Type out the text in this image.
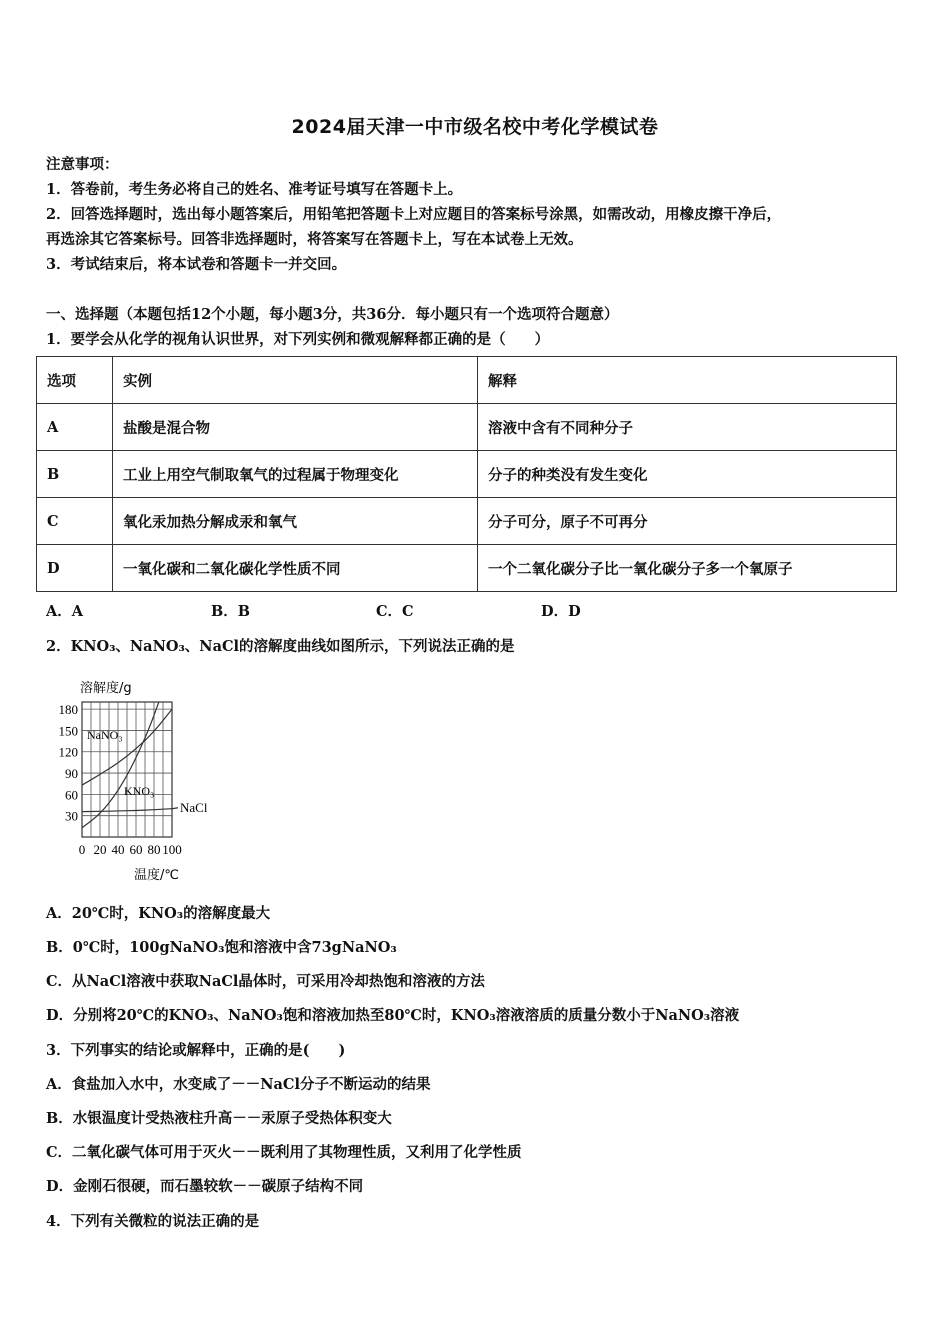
2024届天津一中市级名校中考化学模试卷
注意事项：
1．答卷前，考生务必将自己的姓名、准考证号填写在答题卡上。
2．回答选择题时，选出每小题答案后，用铅笔把答题卡上对应题目的答案标号涂黑，如需改动，用橡皮擦干净后，
再选涂其它答案标号。回答非选择题时，将答案写在答题卡上，写在本试卷上无效。
3．考试结束后，将本试卷和答题卡一并交回。
一、选择题（本题包括12个小题，每小题3分，共36分．每小题只有一个选项符合题意）
1．要学会从化学的视角认识世界，对下列实例和微观解释都正确的是（　　）
选项	实例	解释
A	盐酸是混合物	溶液中含有不同种分子
B	工业上用空气制取氧气的过程属于物理变化	分子的种类没有发生变化
C	氧化汞加热分解成汞和氧气	分子可分，原子不可再分
D	一氧化碳和二氧化碳化学性质不同	一个二氧化碳分子比一氧化碳分子多一个氧原子
A．A	B．B	C．C	D．D
2．KNO₃、NaNO₃、NaCl的溶解度曲线如图所示，下列说法正确的是
30
60
90
120
150
180
0 20 40 60 80 100
溶解度/g
温度/℃
NaNO₃
KNO₃
NaCl
A．20℃时，KNO₃的溶解度最大
B．0℃时，100gNaNO₃饱和溶液中含73gNaNO₃
C．从NaCl溶液中获取NaCl晶体时，可采用冷却热饱和溶液的方法
D．分别将20℃的KNO₃、NaNO₃饱和溶液加热至80℃时，KNO₃溶液溶质的质量分数小于NaNO₃溶液
3．下列事实的结论或解释中，正确的是(　　)
A．食盐加入水中，水变咸了－－NaCl分子不断运动的结果
B．水银温度计受热液柱升高－－汞原子受热体积变大
C．二氧化碳气体可用于灭火－－既利用了其物理性质，又利用了化学性质
D．金刚石很硬，而石墨较软－－碳原子结构不同
4．下列有关微粒的说法正确的是
